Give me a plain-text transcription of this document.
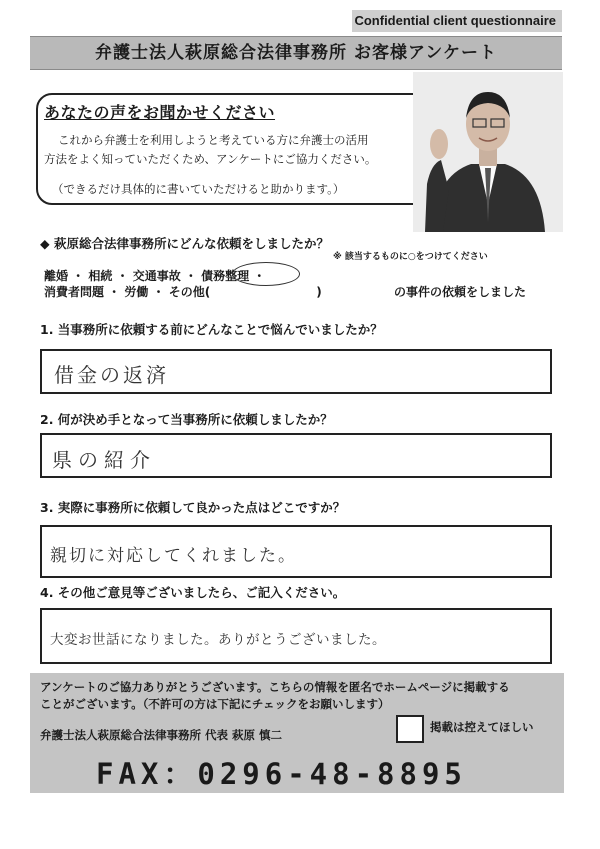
Confidential client questionnaire
弁護士法人萩原総合法律事務所 お客様アンケート
あなたの声をお聞かせください
これから弁護士を利用しようと考えている方に弁護士の活用
方法をよく知っていただくため、アンケートにご協力ください。
（できるだけ具体的に書いていただけると助かります。）
◆ 萩原総合法律事務所にどんな依頼をしましたか？
※ 該当するものに○をつけてください
離婚 ・ 相続 ・ 交通事故 ・ 債務整理 ・
消費者問題 ・ 労働 ・ その他(	)	の事件の依頼をしました
1. 当事務所に依頼する前にどんなことで悩んでいましたか？
借金の返済
2. 何が決め手となって当事務所に依頼しましたか？
県の紹介
3. 実際に事務所に依頼して良かった点はどこですか？
親切に対応してくれました。
4. その他ご意見等ございましたら、ご記入ください。
大変お世話になりました。ありがとうございました。
アンケートのご協力ありがとうございます。こちらの情報を匿名でホームページに掲載する
ことがございます。（不許可の方は下記にチェックをお願いします）
弁護士法人萩原総合法律事務所 代表 萩原 慎二
掲載は控えてほしい
FAX：0296-48-8895
